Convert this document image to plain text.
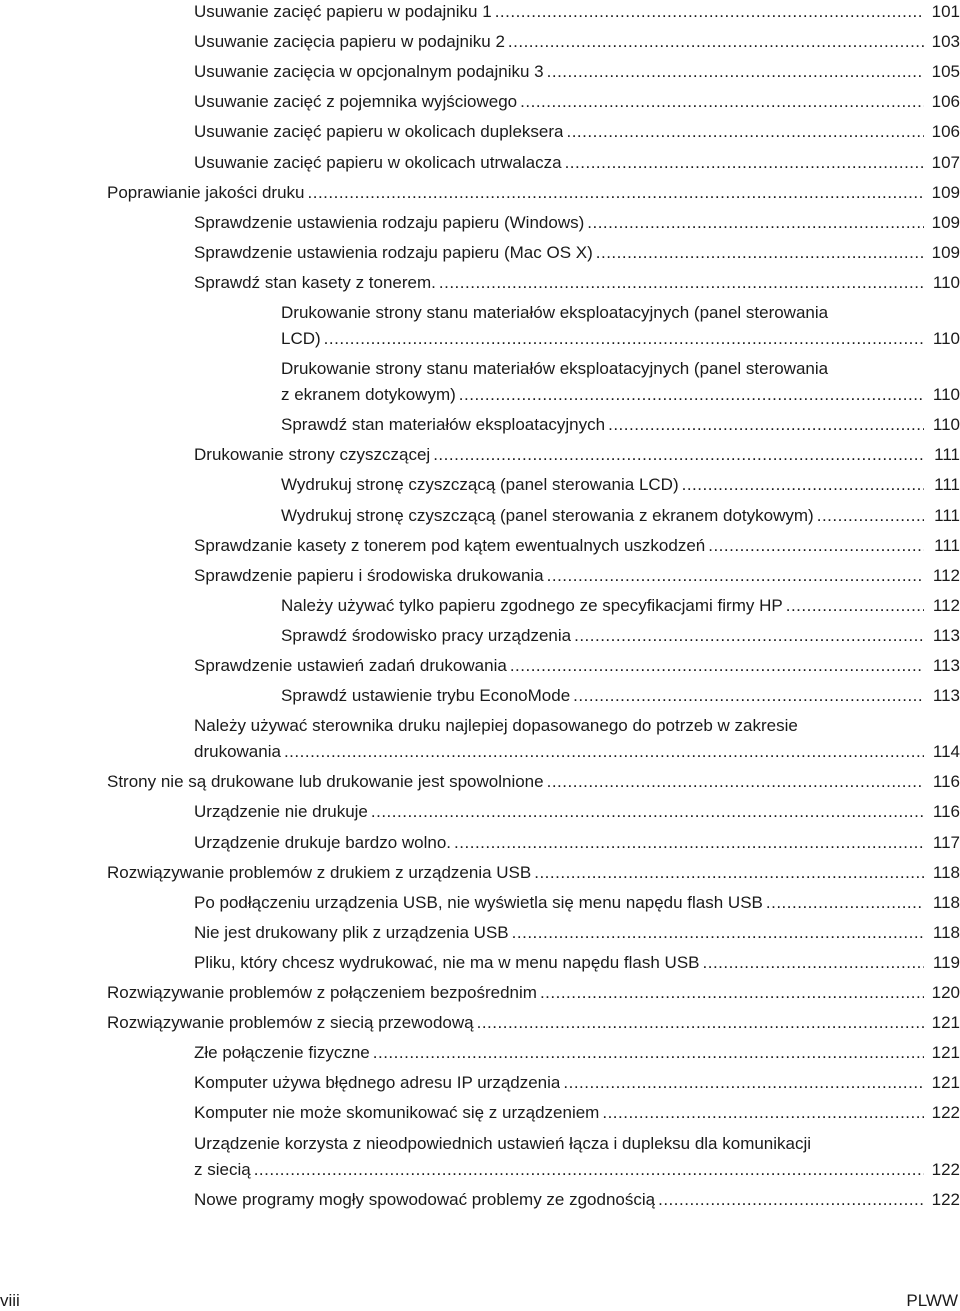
Usuwanie zacięć papieru w podajniku 1 .....	101
Usuwanie zacięcia papieru w podajniku 2 .....	103
Usuwanie zacięcia w opcjonalnym podajniku 3 .....	105
Usuwanie zacięć z pojemnika wyjściowego .....	106
Usuwanie zacięć papieru w okolicach dupleksera .....	106
Usuwanie zacięć papieru w okolicach utrwalacza .....	107
Poprawianie jakości druku .....	109
Sprawdzenie ustawienia rodzaju papieru (Windows) .....	109
Sprawdzenie ustawienia rodzaju papieru (Mac OS X) .....	109
Sprawdź stan kasety z tonerem. .....	110
Drukowanie strony stanu materiałów eksploatacyjnych (panel sterowania
LCD) .....	110
Drukowanie strony stanu materiałów eksploatacyjnych (panel sterowania
z ekranem dotykowym) .....	110
Sprawdź stan materiałów eksploatacyjnych .....	110
Drukowanie strony czyszczącej .....	111
Wydrukuj stronę czyszczącą (panel sterowania LCD) .....	111
Wydrukuj stronę czyszczącą (panel sterowania z ekranem dotykowym) .....	111
Sprawdzanie kasety z tonerem pod kątem ewentualnych uszkodzeń .....	111
Sprawdzenie papieru i środowiska drukowania .....	112
Należy używać tylko papieru zgodnego ze specyfikacjami firmy HP .....	112
Sprawdź środowisko pracy urządzenia .....	113
Sprawdzenie ustawień zadań drukowania .....	113
Sprawdź ustawienie trybu EconoMode .....	113
Należy używać sterownika druku najlepiej dopasowanego do potrzeb w zakresie
drukowania .....	114
Strony nie są drukowane lub drukowanie jest spowolnione .....	116
Urządzenie nie drukuje .....	116
Urządzenie drukuje bardzo wolno. .....	117
Rozwiązywanie problemów z drukiem z urządzenia USB .....	118
Po podłączeniu urządzenia USB, nie wyświetla się menu napędu flash USB .....	118
Nie jest drukowany plik z urządzenia USB .....	118
Pliku, który chcesz wydrukować, nie ma w menu napędu flash USB .....	119
Rozwiązywanie problemów z połączeniem bezpośrednim .....	120
Rozwiązywanie problemów z siecią przewodową .....	121
Złe połączenie fizyczne .....	121
Komputer używa błędnego adresu IP urządzenia .....	121
Komputer nie może skomunikować się z urządzeniem .....	122
Urządzenie korzysta z nieodpowiednich ustawień łącza i dupleksu dla komunikacji
z siecią .....	122
Nowe programy mogły spowodować problemy ze zgodnością .....	122
viii	PLWW
